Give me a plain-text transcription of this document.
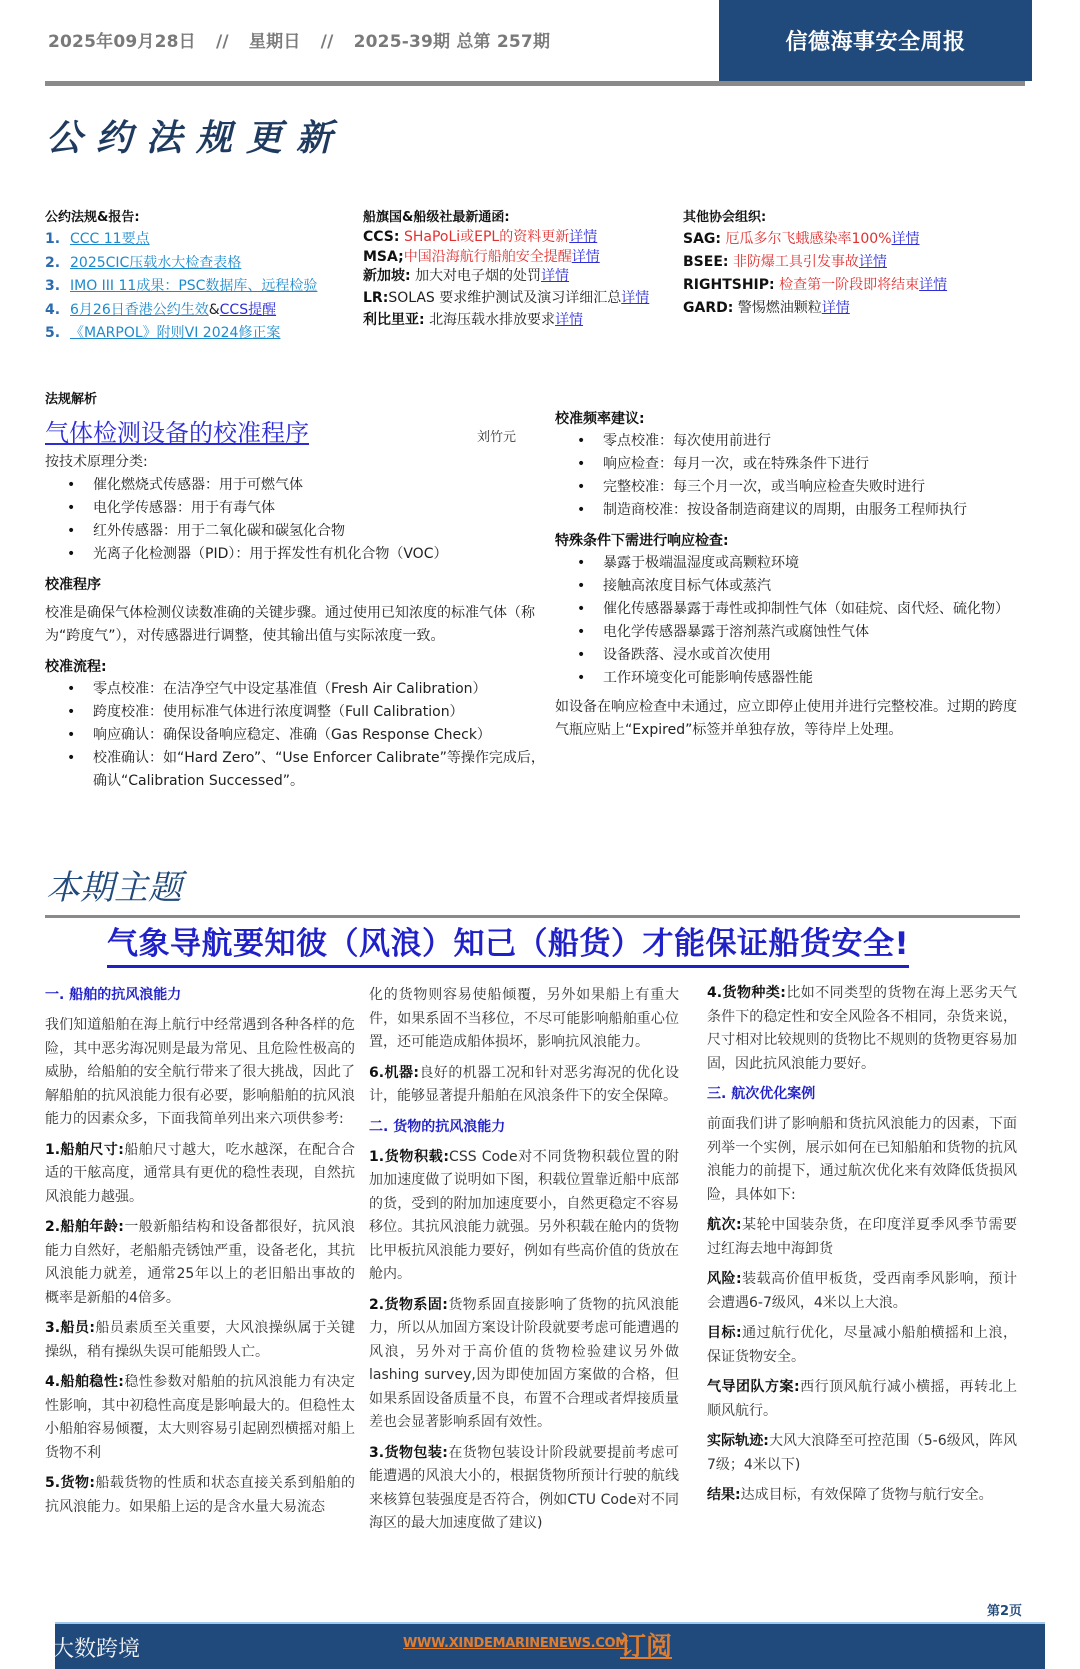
2025年09月28日 // 星期日 // 2025-39期 总第 257期	信德海事安全周报
公约法规更新
公约法规&报告:
1. CCC 11要点
2. 2025CIC压载水大检查表格
3. IMO III 11成果：PSC数据库、远程检验
4. 6月26日香港公约生效 & CCS提醒
5. 《MARPOL》附则VI 2024修正案
船旗国&船级社最新通函:
CCS: SHaPoLi或EPL的资料更新详情
MSA;中国沿海航行船舶安全提醒详情
新加坡: 加大对电子烟的处罚详情
LR:SOLAS 要求维护测试及演习详细汇总详情
利比里亚: 北海压载水排放要求详情
其他协会组织:
SAG: 厄瓜多尔飞蛾感染率100%详情
BSEE: 非防爆工具引发事故详情
RIGHTSHIP: 检查第一阶段即将结束详情
GARD: 警惕燃油颗粒详情
法规解析
气体检测设备的校准程序	刘竹元

按技术原理分类:

• 催化燃烧式传感器：用于可燃气体
• 电化学传感器：用于有毒气体
• 红外传感器：用于二氧化碳和碳氢化合物
• 光离子化检测器（PID）：用于挥发性有机化合物（VOC）
校准程序

校准是确保气体检测仪读数准确的关键步骤。通过使用已知浓度的标准气体（称为“跨度气”），对传感器进行调整，使其输出值与实际浓度一致。

校准流程:
• 零点校准：在洁净空气中设定基准值（Fresh Air Calibration）
• 跨度校准：使用标准气体进行浓度调整（Full Calibration）
• 响应确认：确保设备响应稳定、准确（Gas Response Check）
• 校准确认：如“Hard Zero”、“Use Enforcer Calibrate”等操作完成后，确认“Calibration Successed”。
校准频率建议:
• 零点校准：每次使用前进行
• 响应检查：每月一次，或在特殊条件下进行
• 完整校准：每三个月一次，或当响应检查失败时进行
• 制造商校准：按设备制造商建议的周期，由服务工程师执行
特殊条件下需进行响应检查:
• 暴露于极端温湿度或高颗粒环境
• 接触高浓度目标气体或蒸汽
• 催化传感器暴露于毒性或抑制性气体（如硅烷、卤代烃、硫化物）
• 电化学传感器暴露于溶剂蒸汽或腐蚀性气体
• 设备跌落、浸水或首次使用
• 工作环境变化可能影响传感器性能

如设备在响应检查中未通过，应立即停止使用并进行完整校准。过期的跨度气瓶应贴上“Expired”标签并单独存放，等待岸上处理。

本期主题
气象导航要知彼（风浪）知己（船货）才能保证船货安全!
一. 船舶的抗风浪能力

我们知道船舶在海上航行中经常遇到各种各样的危险，其中恶劣海况则是最为常见、且危险性极高的威胁，给船舶的安全航行带来了很大挑战，因此了解船舶的抗风浪能力很有必要，影响船舶的抗风浪能力的因素众多，下面我简单列出来六项供参考:

1.船舶尺寸:船舶尺寸越大，吃水越深，在配合合适的干舷高度，通常具有更优的稳性表现，自然抗风浪能力越强。

2.船舶年龄:一般新船结构和设备都很好，抗风浪能力自然好，老船船壳锈蚀严重，设备老化，其抗风浪能力就差，通常25年以上的老旧船出事故的概率是新船的4倍多。

3.船员:船员素质至关重要，大风浪操纵属于关键操纵，稍有操纵失误可能船毁人亡。

4.船舶稳性:稳性参数对船舶的抗风浪能力有决定性影响，其中初稳性高度是影响最大的。但稳性太小船舶容易倾覆，太大则容易引起剧烈横摇对船上货物不利

5.货物:船载货物的性质和状态直接关系到船舶的抗风浪能力。如果船上运的是含水量大易流态

化的货物则容易使船倾覆，另外如果船上有重大件，如果系固不当移位，不尽可能影响船舶重心位置，还可能造成船体损坏，影响抗风浪能力。

6.机器:良好的机器工况和针对恶劣海况的优化设计，能够显著提升船舶在风浪条件下的安全保障。

二. 货物的抗风浪能力

1.货物积载:CSS Code对不同货物积载位置的附加加速度做了说明如下图，积载位置靠近船中底部的货，受到的附加加速度要小，自然更稳定不容易移位。其抗风浪能力就强。另外积载在舱内的货物比甲板抗风浪能力要好，例如有些高价值的货放在舱内。

2.货物系固:货物系固直接影响了货物的抗风浪能力，所以从加固方案设计阶段就要考虑可能遭遇的风浪，另外对于高价值的货物检验建议另外做lashing survey,因为即使加固方案做的合格，但如果系固设备质量不良，布置不合理或者焊接质量差也会显著影响系固有效性。

3.货物包装:在货物包装设计阶段就要提前考虑可能遭遇的风浪大小的，根据货物所预计行驶的航线来核算包装强度是否符合，例如CTU Code对不同海区的最大加速度做了建议)

4.货物种类:比如不同类型的货物在海上恶劣天气条件下的稳定性和安全风险各不相同，杂货来说，尺寸相对比较规则的货物比不规则的货物更容易加固，因此抗风浪能力要好。

三. 航次优化案例

前面我们讲了影响船和货抗风浪能力的因素，下面列举一个实例，展示如何在已知船舶和货物的抗风浪能力的前提下，通过航次优化来有效降低货损风险，具体如下:

航次:某轮中国装杂货，在印度洋夏季风季节需要过红海去地中海卸货

风险:装载高价值甲板货，受西南季风影响，预计会遭遇6-7级风，4米以上大浪。

目标:通过航行优化，尽量减小船舶横摇和上浪，保证货物安全。

气导团队方案:西行顶风航行减小横摇，再转北上顺风航行。

实际轨迹:大风大浪降至可控范围（5-6级风，阵风7级；4米以下)

结果:达成目标，有效保障了货物与航行安全。

第2页
WWW.XINDEMARINENEWS.COM
订阅
◔◔ 大数跨境
